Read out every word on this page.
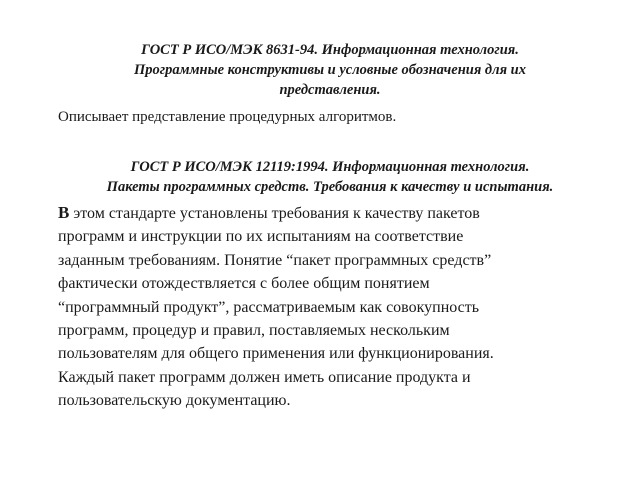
ГОСТ Р ИСО/МЭК 8631-94. Информационная технология.
Программные конструктивы и условные обозначения для их
представления.

Описывает представление процедурных алгоритмов.

ГОСТ Р ИСО/МЭК 12119:1994. Информационная технология.
Пакеты программных средств. Требования к качеству и испытания.

В этом стандарте установлены требования к качеству пакетов
программ и инструкции по их испытаниям на соответствие
заданным требованиям. Понятие “пакет программных средств”
фактически отождествляется с более общим понятием
“программный продукт”, рассматриваемым как совокупность
программ, процедур и правил, поставляемых нескольким
пользователям для общего применения или функционирования.
Каждый пакет программ должен иметь описание продукта и
пользовательскую документацию.
